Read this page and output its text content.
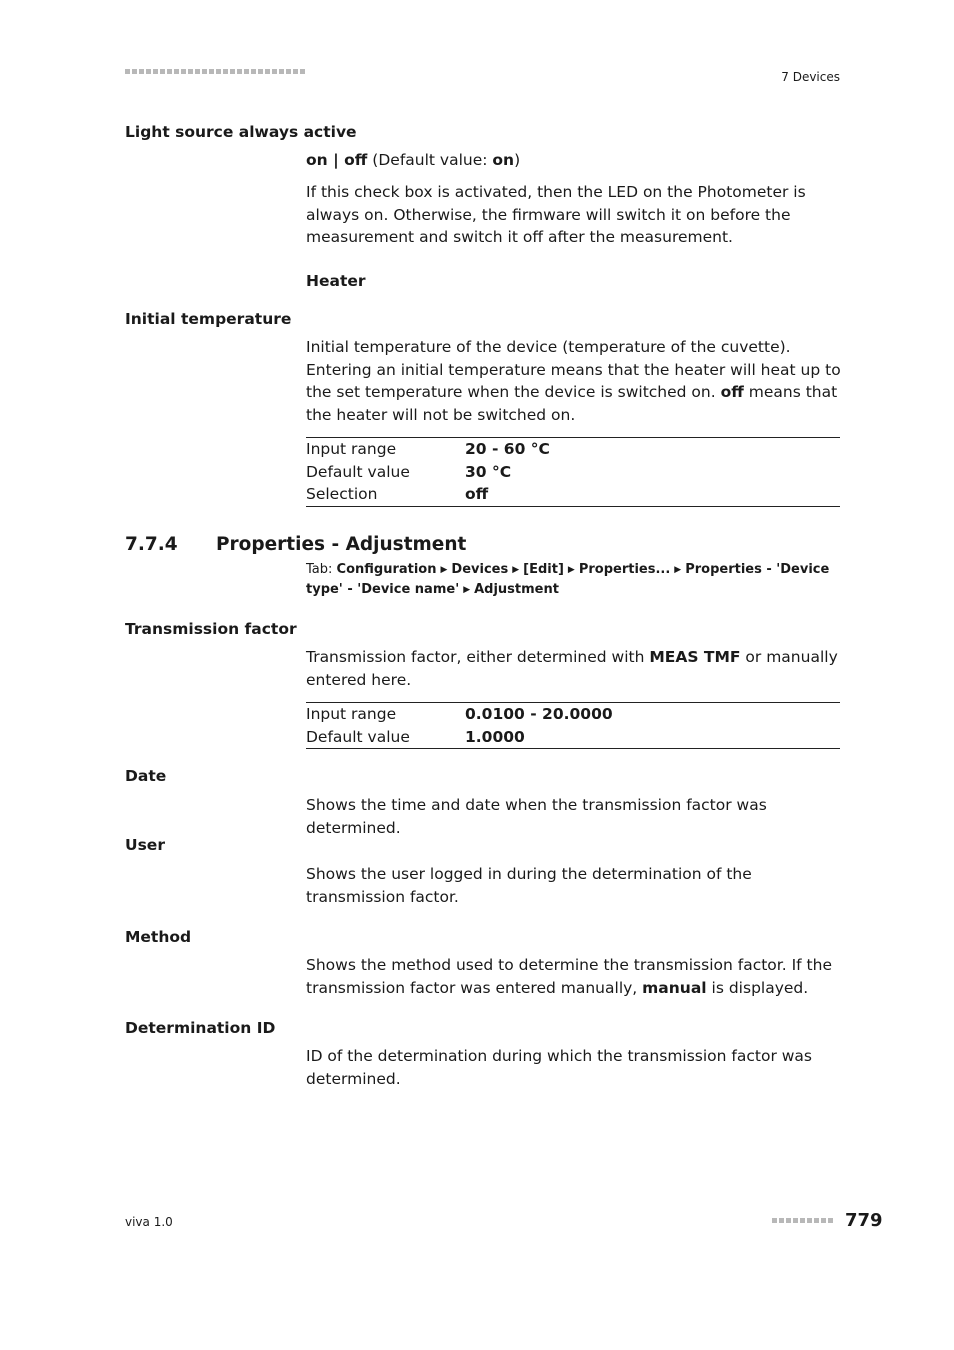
7 Devices
Light source always active
on | off (Default value: on)
If this check box is activated, then the LED on the Photometer is always on. Otherwise, the firmware will switch it on before the measurement and switch it off after the measurement.
Heater
Initial temperature
Initial temperature of the device (temperature of the cuvette). Entering an initial temperature means that the heater will heat up to the set temperature when the device is switched on. off means that the heater will not be switched on.
Input range	20 - 60 °C
Default value	30 °C
Selection	off
7.7.4 Properties - Adjustment
Tab: Configuration ▶ Devices ▶ [Edit] ▶ Properties... ▶ Properties - 'Device type' - 'Device name' ▶ Adjustment
Transmission factor
Transmission factor, either determined with MEAS TMF or manually entered here.
Input range	0.0100 - 20.0000
Default value	1.0000
Date
Shows the time and date when the transmission factor was determined.
User
Shows the user logged in during the determination of the transmission factor.
Method
Shows the method used to determine the transmission factor. If the transmission factor was entered manually, manual is displayed.
Determination ID
ID of the determination during which the transmission factor was determined.
viva 1.0	779
